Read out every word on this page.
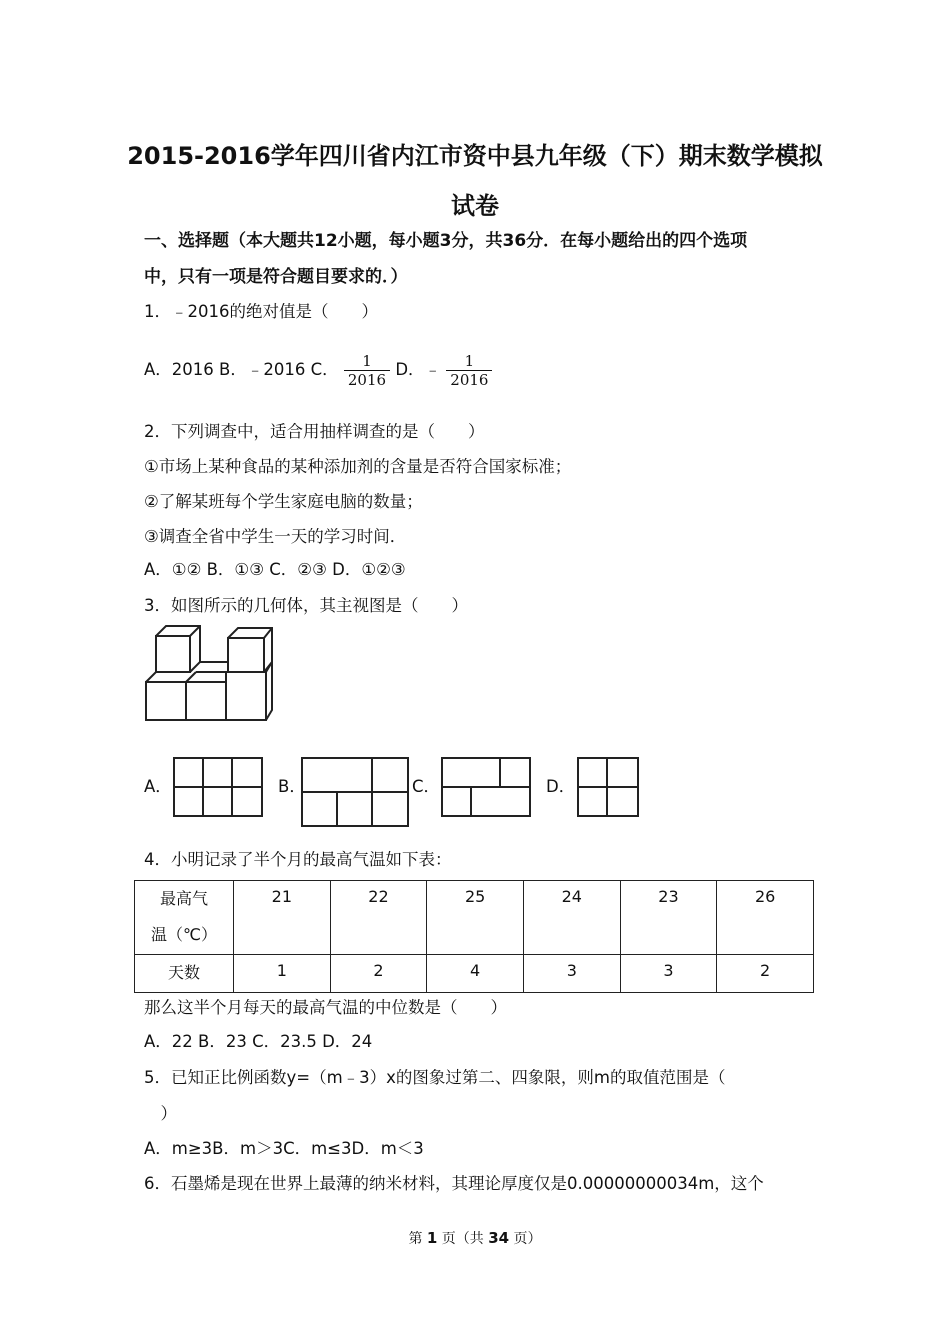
2015-2016学年四川省内江市资中县九年级（下）期末数学模拟
试卷
一、选择题（本大题共12小题，每小题3分，共36分．在每小题给出的四个选项
中，只有一项是符合题目要求的．）
1．﹣2016的绝对值是（　　）
A．2016 B．﹣2016 C． $\frac{1}{2016}$ D．﹣ $\frac{1}{2016}$
2．下列调查中，适合用抽样调查的是（　　）
①市场上某种食品的某种添加剂的含量是否符合国家标准；
②了解某班每个学生家庭电脑的数量；
③调查全省中学生一天的学习时间．
A．①② B．①③ C．②③ D．①②③
3．如图所示的几何体，其主视图是（　　）
A．	B．	C．	D．
4．小明记录了半个月的最高气温如下表：
最高气
温（℃）	21	22	25	24	23	26
天数	1	2	4	3	3	2
那么这半个月每天的最高气温的中位数是（　　）
A．22 B．23 C．23.5 D．24
5．已知正比例函数y=（m﹣3）x的图象过第二、四象限，则m的取值范围是（
　）
A．m≥3B．m＞3C．m≤3D．m＜3
6．石墨烯是现在世界上最薄的纳米材料，其理论厚度仅是0.00000000034m，这个
第 1 页（共 34 页）
